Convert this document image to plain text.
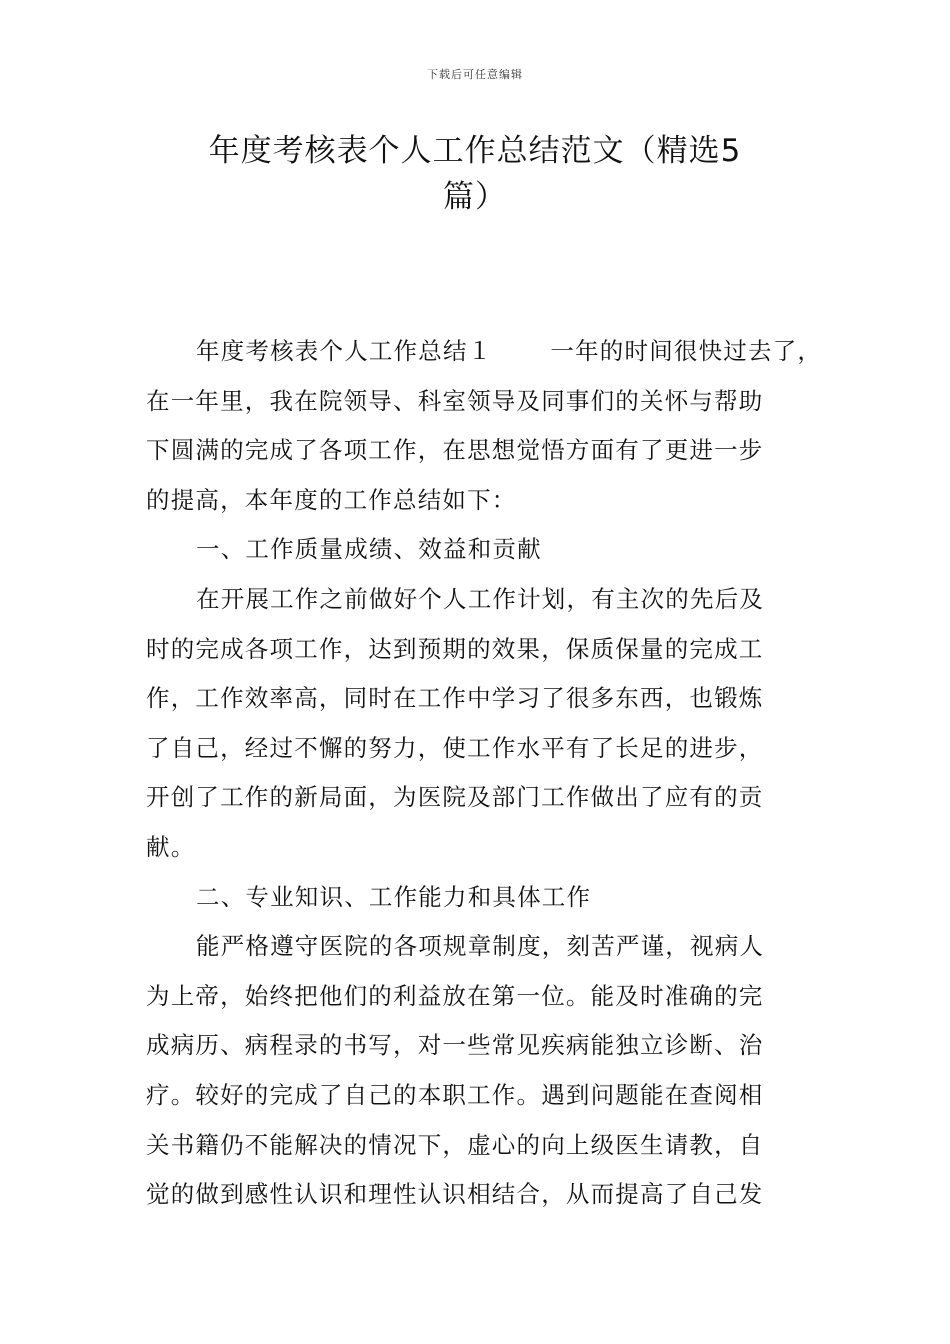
下载后可任意编辑
年度考核表个人工作总结范文（精选5
篇）
年度考核表个人工作总结１ 一年的时间很快过去了，
在一年里，我在院领导、科室领导及同事们的关怀与帮助
下圆满的完成了各项工作，在思想觉悟方面有了更进一步
的提高，本年度的工作总结如下：
一、工作质量成绩、效益和贡献
在开展工作之前做好个人工作计划，有主次的先后及
时的完成各项工作，达到预期的效果，保质保量的完成工
作，工作效率高，同时在工作中学习了很多东西，也锻炼
了自己，经过不懈的努力，使工作水平有了长足的进步，
开创了工作的新局面，为医院及部门工作做出了应有的贡
献。
二、专业知识、工作能力和具体工作
能严格遵守医院的各项规章制度，刻苦严谨，视病人
为上帝，始终把他们的利益放在第一位。能及时准确的完
成病历、病程录的书写，对一些常见疾病能独立诊断、治
疗。较好的完成了自己的本职工作。遇到问题能在查阅相
关书籍仍不能解决的情况下，虚心的向上级医生请教，自
觉的做到感性认识和理性认识相结合，从而提高了自己发
